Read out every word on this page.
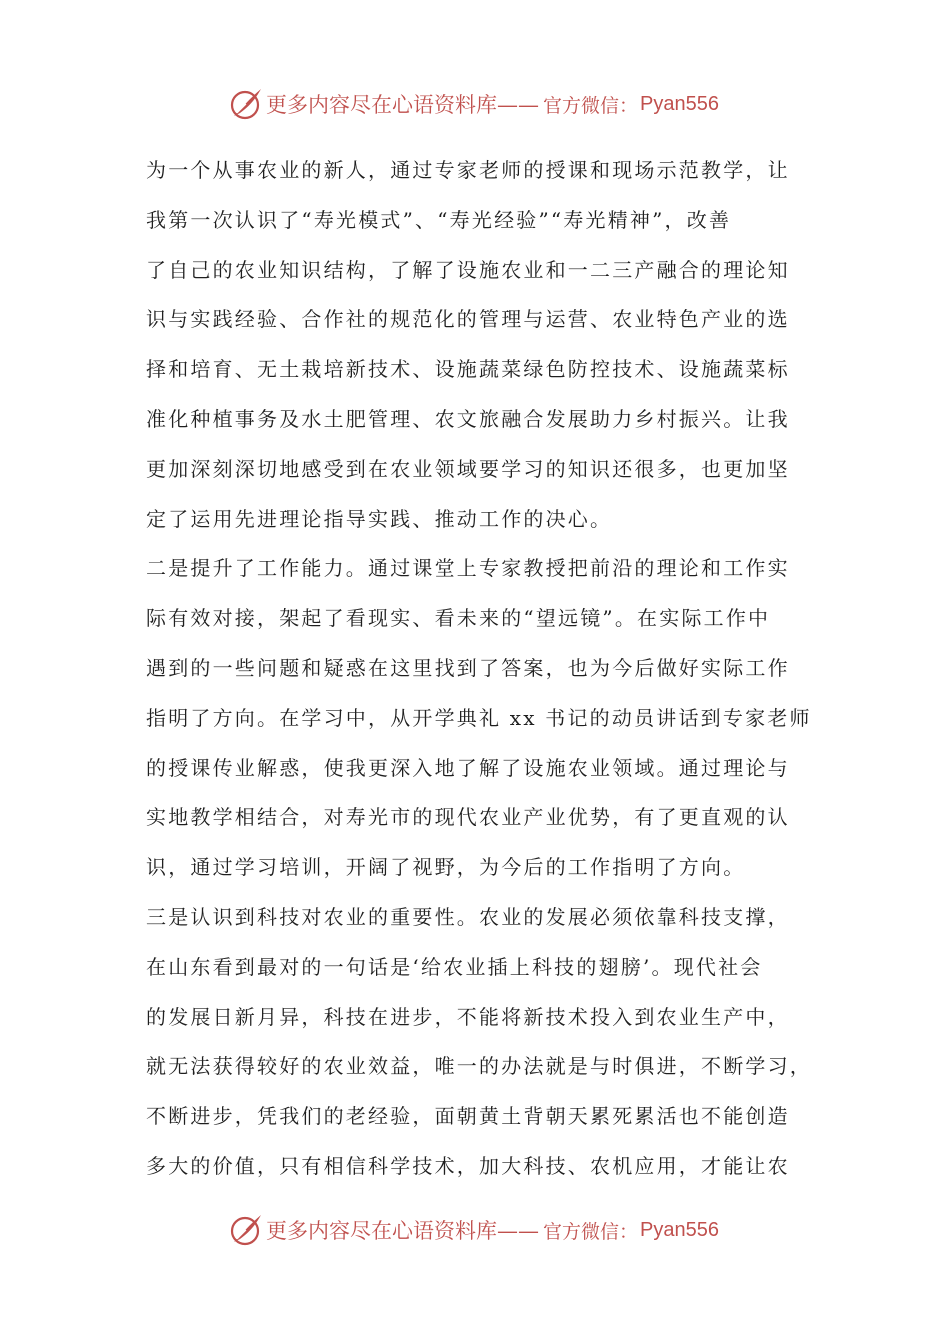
更多内容尽在心语资料库—— 官方微信： Pyan556
为一个从事农业的新人，通过专家老师的授课和现场示范教学，让
我第一次认识了“寿光模式”、“寿光经验”“寿光精神”，改善
了自己的农业知识结构，了解了设施农业和一二三产融合的理论知
识与实践经验、合作社的规范化的管理与运营、农业特色产业的选
择和培育、无土栽培新技术、设施蔬菜绿色防控技术、设施蔬菜标
准化种植事务及水土肥管理、农文旅融合发展助力乡村振兴。让我
更加深刻深切地感受到在农业领域要学习的知识还很多，也更加坚
定了运用先进理论指导实践、推动工作的决心。
二是提升了工作能力。通过课堂上专家教授把前沿的理论和工作实
际有效对接，架起了看现实、看未来的“望远镜”。在实际工作中
遇到的一些问题和疑惑在这里找到了答案，也为今后做好实际工作
指明了方向。在学习中，从开学典礼 xx 书记的动员讲话到专家老师
的授课传业解惑，使我更深入地了解了设施农业领域。通过理论与
实地教学相结合，对寿光市的现代农业产业优势，有了更直观的认
识，通过学习培训，开阔了视野，为今后的工作指明了方向。
三是认识到科技对农业的重要性。农业的发展必须依靠科技支撑，
在山东看到最对的一句话是‘给农业插上科技的翅膀’。现代社会
的发展日新月异，科技在进步，不能将新技术投入到农业生产中，
就无法获得较好的农业效益，唯一的办法就是与时俱进，不断学习，
不断进步，凭我们的老经验，面朝黄土背朝天累死累活也不能创造
多大的价值，只有相信科学技术，加大科技、农机应用，才能让农
更多内容尽在心语资料库—— 官方微信： Pyan556
